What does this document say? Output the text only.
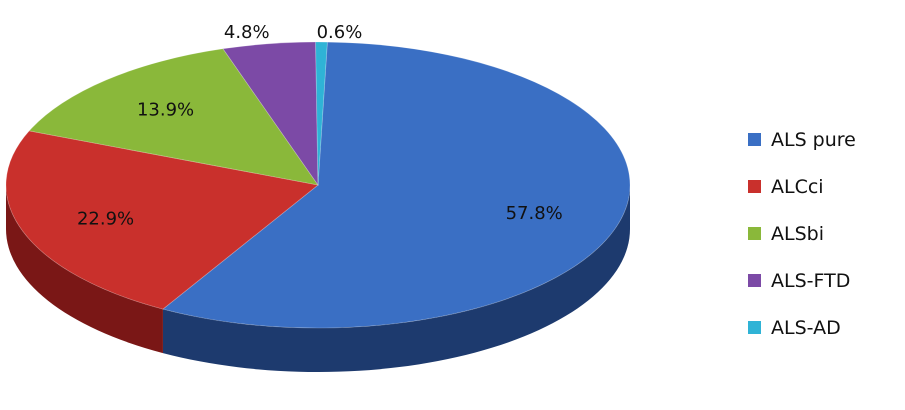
57.8%
22.9%
13.9%
4.8%	0.6%
ALS pure
ALCci
ALSbi
ALS-FTD
ALS-AD
